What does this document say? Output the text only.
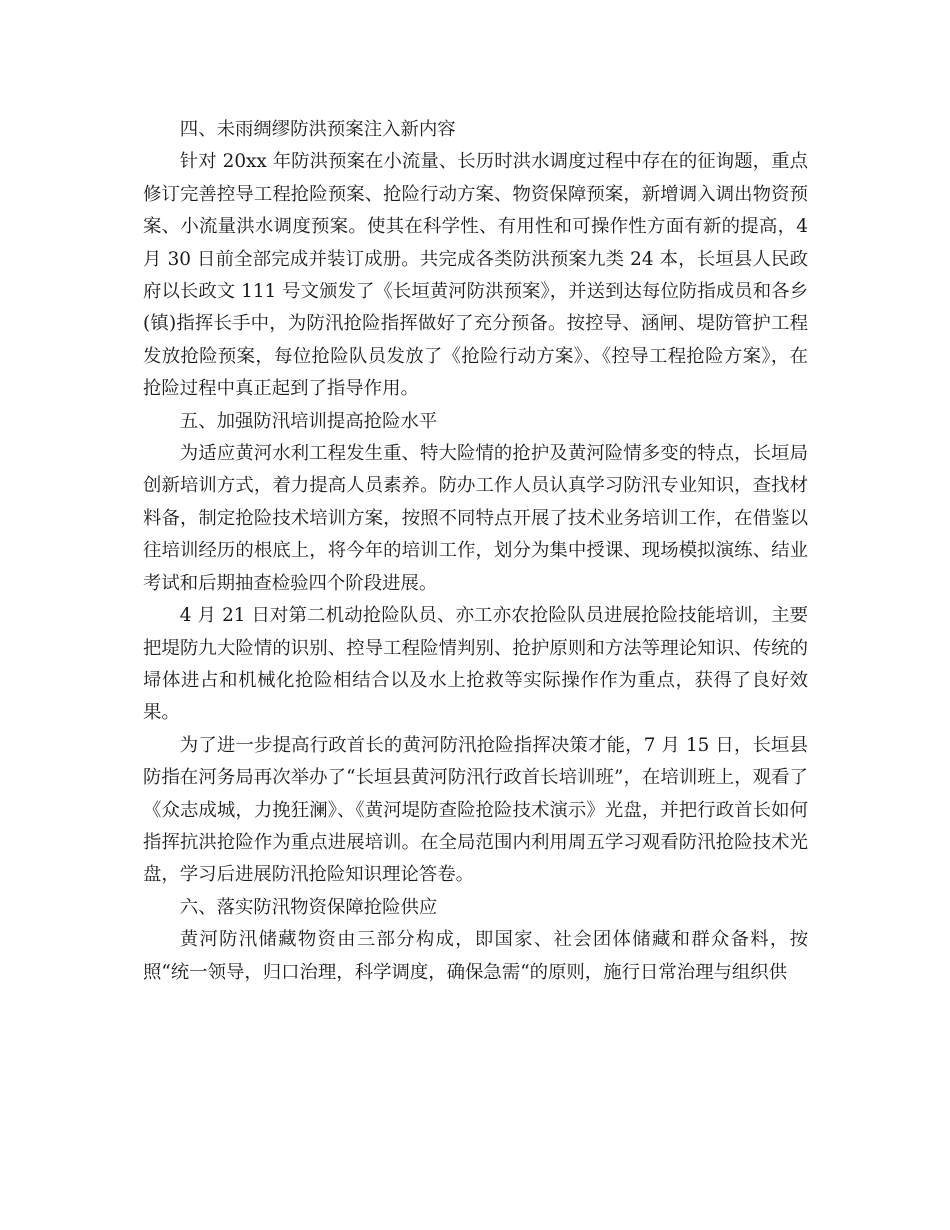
四、未雨绸缪防洪预案注入新内容

针对 20xx 年防洪预案在小流量、长历时洪水调度过程中存在的征询题，重点修订完善控导工程抢险预案、抢险行动方案、物资保障预案，新增调入调出物资预案、小流量洪水调度预案。使其在科学性、有用性和可操作性方面有新的提高，4 月 30 日前全部完成并装订成册。共完成各类防洪预案九类 24 本，长垣县人民政府以长政文 111 号文颁发了《长垣黄河防洪预案》，并送到达每位防指成员和各乡(镇)指挥长手中，为防汛抢险指挥做好了充分预备。按控导、涵闸、堤防管护工程发放抢险预案，每位抢险队员发放了《抢险行动方案》、《控导工程抢险方案》，在抢险过程中真正起到了指导作用。

五、加强防汛培训提高抢险水平

为适应黄河水利工程发生重、特大险情的抢护及黄河险情多变的特点，长垣局创新培训方式，着力提高人员素养。防办工作人员认真学习防汛专业知识，查找材料备，制定抢险技术培训方案，按照不同特点开展了技术业务培训工作，在借鉴以往培训经历的根底上，将今年的培训工作，划分为集中授课、现场模拟演练、结业考试和后期抽查检验四个阶段进展。

4 月 21 日对第二机动抢险队员、亦工亦农抢险队员进展抢险技能培训，主要把堤防九大险情的识别、控导工程险情判别、抢护原则和方法等理论知识、传统的埽体进占和机械化抢险相结合以及水上抢救等实际操作作为重点，获得了良好效果。

为了进一步提高行政首长的黄河防汛抢险指挥决策才能，7 月 15 日，长垣县防指在河务局再次举办了“长垣县黄河防汛行政首长培训班”，在培训班上，观看了《众志成城，力挽狂澜》、《黄河堤防查险抢险技术演示》光盘，并把行政首长如何指挥抗洪抢险作为重点进展培训。在全局范围内利用周五学习观看防汛抢险技术光盘，学习后进展防汛抢险知识理论答卷。

六、落实防汛物资保障抢险供应

黄河防汛储藏物资由三部分构成，即国家、社会团体储藏和群众备料，按照“统一领导，归口治理，科学调度，确保急需“的原则，施行日常治理与组织供
